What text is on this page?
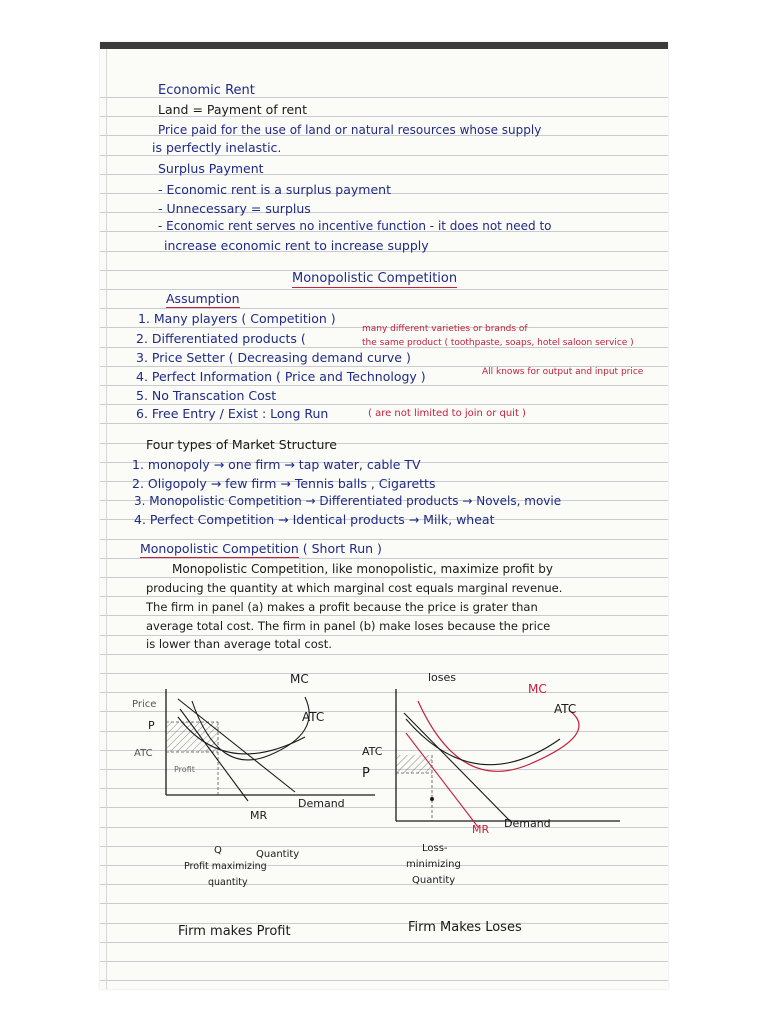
Economic Rent
Land = Payment of rent
Price paid for the use of land or natural resources whose supply
is perfectly inelastic.
Surplus Payment
- Economic rent is a surplus payment
- Unnecessary = surplus
- Economic rent serves no incentive function - it does not need to
increase economic rent to increase supply
Monopolistic Competition
Assumption
1. Many players ( Competition )
2. Differentiated products (
many different varieties or brands of
3. Price Setter ( Decreasing demand curve )
the same product ( toothpaste, soaps, hotel saloon service )
4. Perfect Information ( Price and Technology )	All knows for output and input price
5. No Transcation Cost
6. Free Entry / Exist : Long Run	( are not limited to join or quit )
Four types of Market Structure
1. monopoly → one firm → tap water, cable TV
2. Oligopoly → few firm → Tennis balls , Cigaretts
3. Monopolistic Competition → Differentiated products → Novels, movie
4. Perfect Competition → Identical products → Milk, wheat
Monopolistic Competition ( Short Run )
Monopolistic Competition, like monopolistic, maximize profit by
producing the quantity at which marginal cost equals marginal revenue.
The firm in panel (a) makes a profit because the price is grater than
average total cost. The firm in panel (b) make loses because the price
is lower than average total cost.
MC
ATC
Demand
MR
Price
P
ATC
Profit
Q	Quantity
Profit maximizing
quantity
loses
MC
ATC
ATC
P
Demand
MR
Loss-
minimizing
Quantity
Firm makes Profit	Firm Makes Loses
